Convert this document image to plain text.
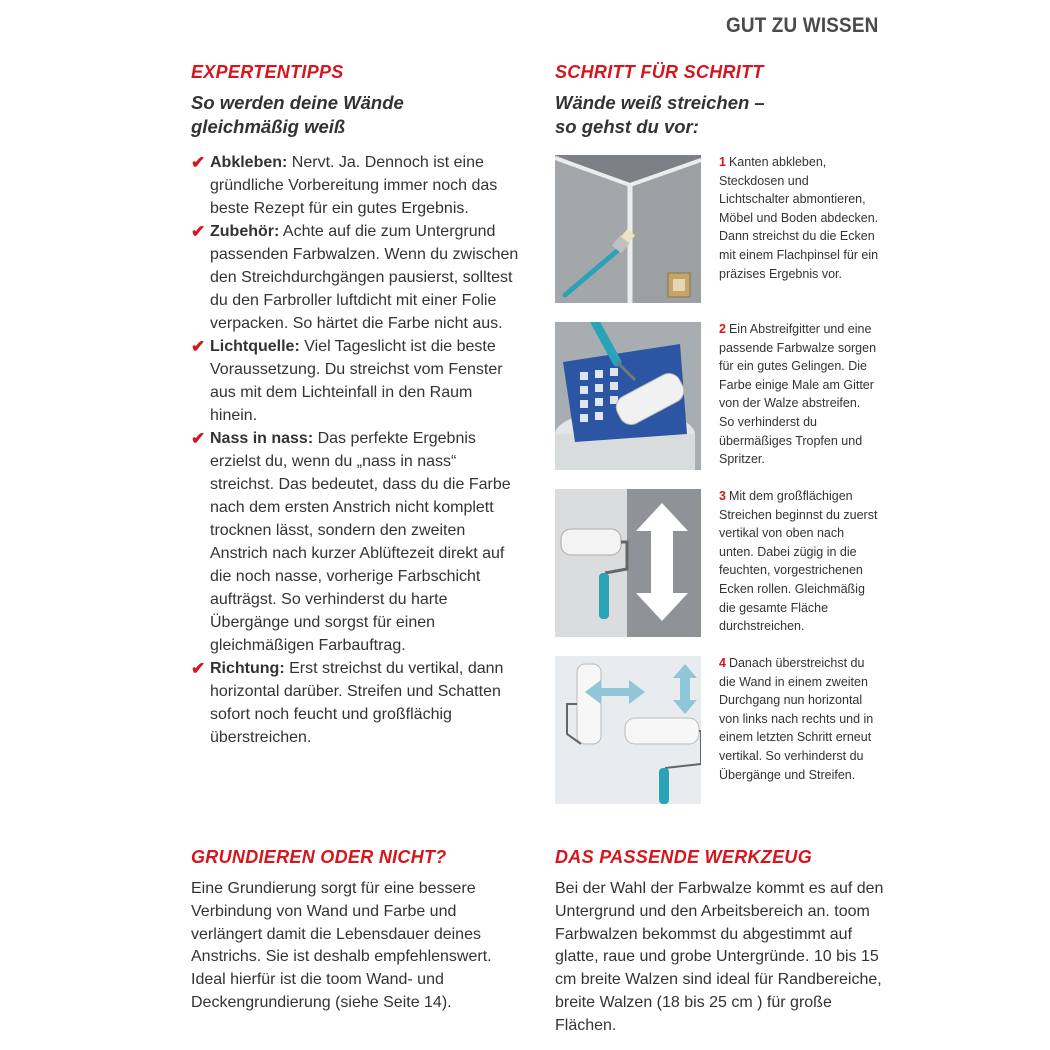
GUT ZU WISSEN
EXPERTENTIPPS
So werden deine Wände
gleichmäßig weiß
✔ Abkleben: Nervt. Ja. Dennoch ist eine gründliche Vorbereitung immer noch das beste Rezept für ein gutes Ergebnis.
✔ Zubehör: Achte auf die zum Untergrund passenden Farbwalzen. Wenn du zwischen den Streichdurchgängen pausierst, solltest du den Farbroller luftdicht mit einer Folie verpacken. So härtet die Farbe nicht aus.
✔ Lichtquelle: Viel Tageslicht ist die beste Voraussetzung. Du streichst vom Fenster aus mit dem Lichteinfall in den Raum hinein.
✔ Nass in nass: Das perfekte Ergebnis erzielst du, wenn du „nass in nass“ streichst. Das bedeutet, dass du die Farbe nach dem ersten Anstrich nicht komplett trocknen lässt, sondern den zweiten Anstrich nach kurzer Ablüftezeit direkt auf die noch nasse, vorherige Farbschicht aufträgst. So verhinderst du harte Übergänge und sorgst für einen gleichmäßigen Farbauftrag.
✔ Richtung: Erst streichst du vertikal, dann horizontal darüber. Streifen und Schatten sofort noch feucht und großflächig überstreichen.
SCHRITT FÜR SCHRITT
Wände weiß streichen –
so gehst du vor:
1 Kanten abkleben, Steckdosen und Lichtschalter abmontieren, Möbel und Boden abdecken. Dann streichst du die Ecken mit einem Flachpinsel für ein präzises Ergebnis vor.
2 Ein Abstreifgitter und eine passende Farbwalze sorgen für ein gutes Gelingen. Die Farbe einige Male am Gitter von der Walze abstreifen. So verhinderst du übermäßiges Tropfen und Spritzer.
3 Mit dem großflächigen Streichen beginnst du zuerst vertikal von oben nach unten. Dabei zügig in die feuchten, vorgestrichenen Ecken rollen. Gleichmäßig die gesamte Fläche durchstreichen.
4 Danach überstreichst du die Wand in einem zweiten Durchgang nun horizontal von links nach rechts und in einem letzten Schritt erneut vertikal. So verhinderst du Übergänge und Streifen.
GRUNDIEREN ODER NICHT?

Eine Grundierung sorgt für eine bessere Verbindung von Wand und Farbe und verlängert damit die Lebensdauer deines Anstrichs. Sie ist deshalb empfehlenswert. Ideal hierfür ist die toom Wand- und Deckengrundierung (siehe Seite 14).

DAS PASSENDE WERKZEUG

Bei der Wahl der Farbwalze kommt es auf den Untergrund und den Arbeitsbereich an. toom Farbwalzen bekommst du abgestimmt auf glatte, raue und grobe Untergründe. 10 bis 15 cm breite Walzen sind ideal für Randbereiche, breite Walzen (18 bis 25 cm ) für große Flächen.
